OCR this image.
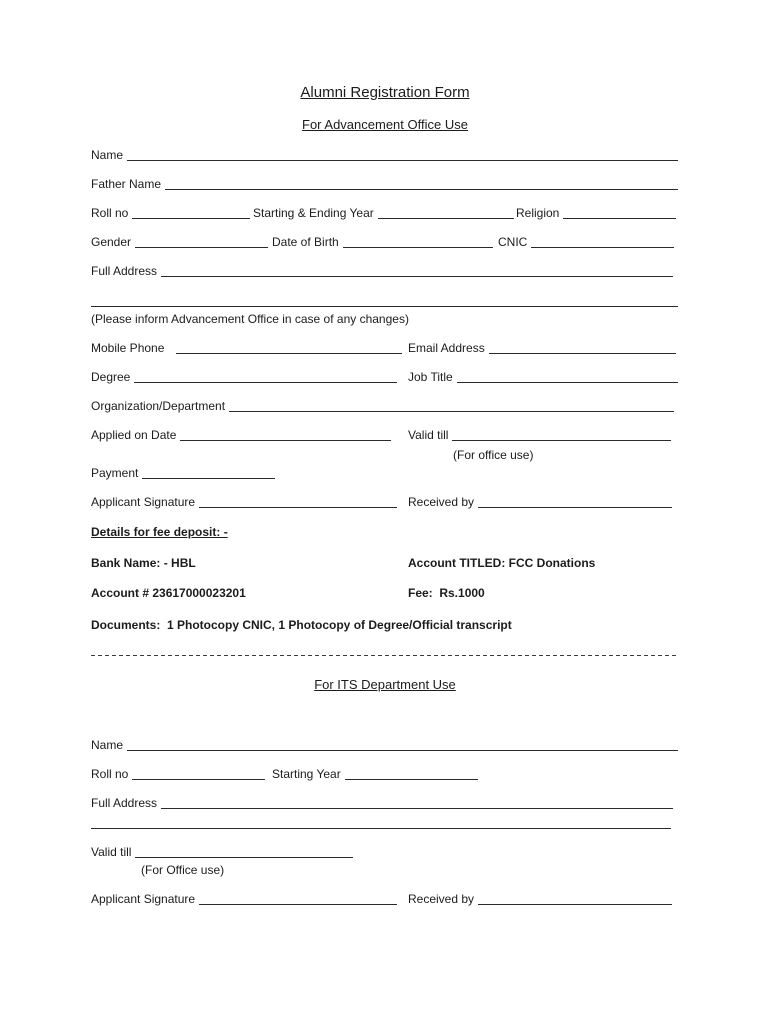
Alumni Registration Form
For Advancement Office Use
Name
Father Name
Roll no	Starting & Ending Year	Religion
Gender	Date of Birth	CNIC
Full Address
(Please inform Advancement Office in case of any changes)
Mobile Phone	Email Address
Degree	Job Title
Organization/Department
Applied on Date	Valid till
(For office use)
Payment
Applicant Signature	Received by
Details for fee deposit: -
Bank Name: - HBL	Account TITLED: FCC Donations
Account # 23617000023201	Fee:  Rs.1000
Documents:  1 Photocopy CNIC, 1 Photocopy of Degree/Official transcript
For ITS Department Use
Name
Roll no	Starting Year
Full Address
Valid till
(For Office use)
Applicant Signature	Received by
